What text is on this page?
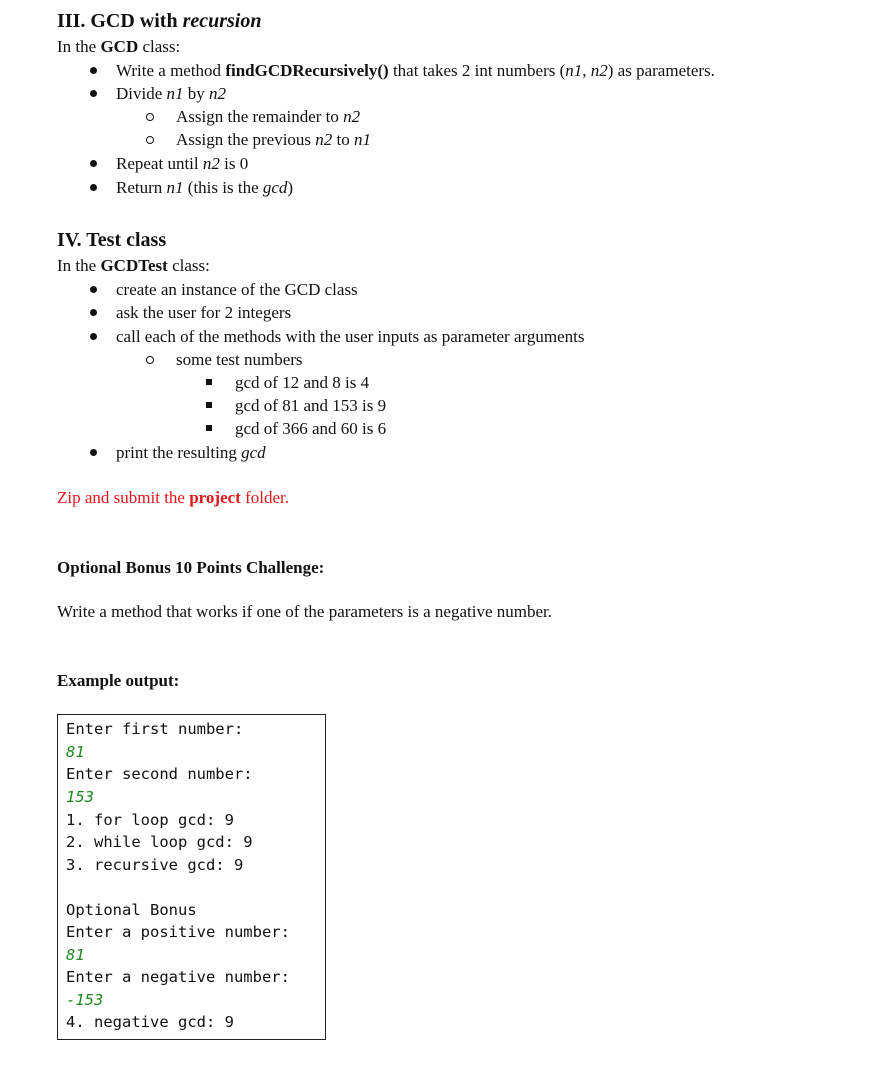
III. GCD with recursion
In the GCD class:
Write a method findGCDRecursively() that takes 2 int numbers (n1, n2) as parameters.
Divide n1 by n2
Assign the remainder to n2
Assign the previous n2 to n1
Repeat until n2 is 0
Return n1 (this is the gcd)
IV. Test class
In the GCDTest class:
create an instance of the GCD class
ask the user for 2 integers
call each of the methods with the user inputs as parameter arguments
some test numbers
gcd of 12 and 8 is 4
gcd of 81 and 153 is 9
gcd of 366 and 60 is 6
print the resulting gcd
Zip and submit the project folder.
Optional Bonus 10 Points Challenge:
Write a method that works if one of the parameters is a negative number.
Example output:
Enter first number:
81
Enter second number:
153
1. for loop gcd: 9
2. while loop gcd: 9
3. recursive gcd: 9
Optional Bonus
Enter a positive number:
81
Enter a negative number:
-153
4. negative gcd: 9
